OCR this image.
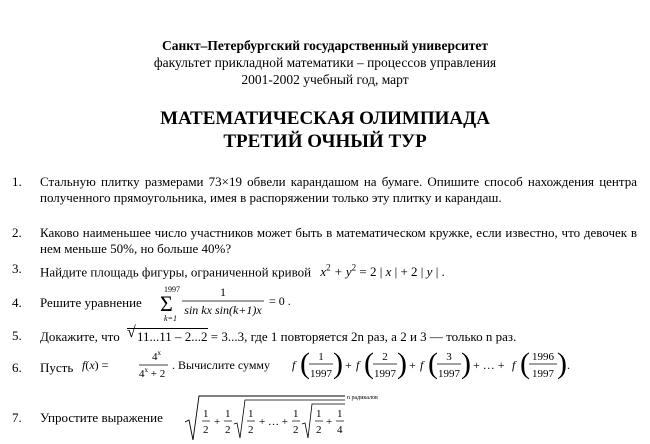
Санкт–Петербургский государственный университет
факультет прикладной математики – процессов управления
2001-2002 учебный год, март
МАТЕМАТИЧЕСКАЯ ОЛИМПИАДА
ТРЕТИЙ ОЧНЫЙ ТУР
1. Стальную плитку размерами 73×19 обвели карандашом на бумаге. Опишите способ нахождения центра полученного прямоугольника, имея в распоряжении только эту плитку и карандаш.
2. Каково наименьшее число участников может быть в математическом кружке, если известно, что девочек в нем меньше 50%, но больше 40%?
3. Найдите площадь фигуры, ограниченной кривой $x^2 + y^2 = 2$ | x | + 2 | y | .
4. Решите уравнение
1997
Σ
k=1
1
sin kx sin(k+1)x
= 0 .
5. Докажите, что √ 11...11 – 2...2 = 3...3, где 1 повторяется 2n раз, а 2 и 3 — только n раз.
6. Пусть f(x) =
$4^x$
$4^x + 2$
. Вычислите сумму f ( 1
1997 ) + f ( 2
1997 ) + f ( 3
1997 ) + … + f ( 1996
1997 ) .
7. Упростите выражение
n радикалов
1
2
+
1
2
1
2
+ … +
1
2
1
2
+
1
4
